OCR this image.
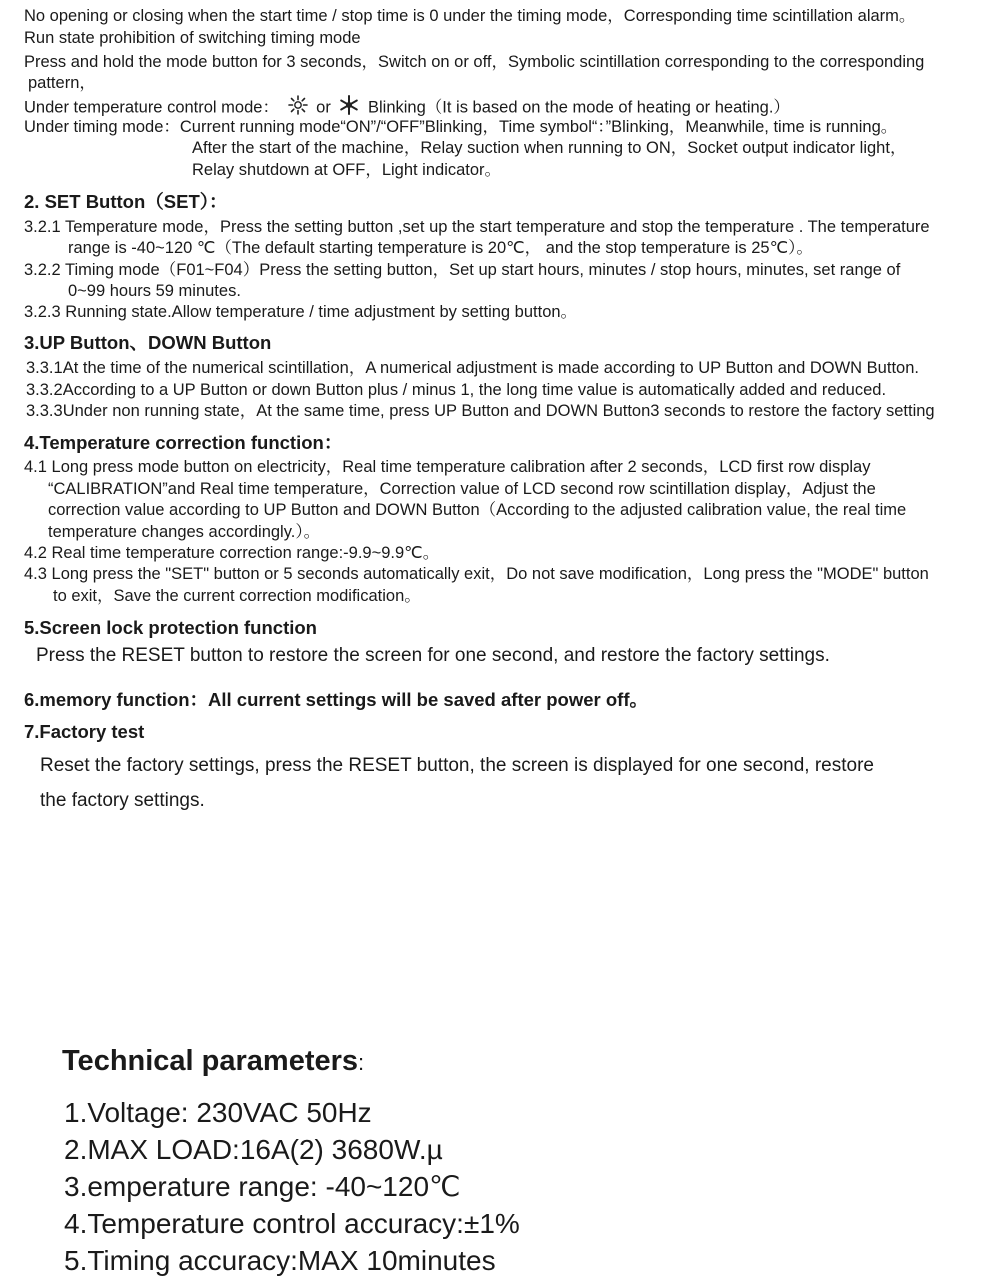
No opening or closing when the start time / stop time is 0 under the timing mode，Corresponding time scintillation alarm。
Run state prohibition of switching timing mode
Press and hold the mode button for 3 seconds，Switch on or off，Symbolic scintillation corresponding to the corresponding
pattern，
Under temperature control mode： or Blinking（It is based on the mode of heating or heating.）
Under timing mode：Current running mode“ON”/“OFF”Blinking，Time symbol“：”Blinking，Meanwhile, time is running。
After the start of the machine，Relay suction when running to ON，Socket output indicator light，
Relay shutdown at OFF，Light indicator。
2. SET Button（SET）：
3.2.1 Temperature mode，Press the setting button ,set up the start temperature and stop the temperature . The temperature
range is -40~120 ℃（The default starting temperature is 20℃， and the stop temperature is 25℃）。
3.2.2 Timing mode（F01~F04）Press the setting button，Set up start hours, minutes / stop hours, minutes, set range of
0~99 hours 59 minutes.
3.2.3 Running state.Allow temperature / time adjustment by setting button。
3.UP Button、DOWN Button
3.3.1At the time of the numerical scintillation，A numerical adjustment is made according to UP Button and DOWN Button.
3.3.2According to a UP Button or down Button plus / minus 1, the long time value is automatically added and reduced.
3.3.3Under non running state，At the same time, press UP Button and DOWN Button3 seconds to restore the factory setting
4.Temperature correction function：
4.1 Long press mode button on electricity，Real time temperature calibration after 2 seconds，LCD first row display
“CALIBRATION”and Real time temperature，Correction value of LCD second row scintillation display，Adjust the
correction value according to UP Button and DOWN Button（According to the adjusted calibration value, the real time
temperature changes accordingly.）。
4.2 Real time temperature correction range:-9.9~9.9℃。
4.3 Long press the "SET" button or 5 seconds automatically exit，Do not save modification，Long press the "MODE" button
to exit，Save the current correction modification。
5.Screen lock protection function
Press the RESET button to restore the screen for one second, and restore the factory settings.
6.memory function：All current settings will be saved after power off。
7.Factory test
Reset the factory settings, press the RESET button, the screen is displayed for one second, restore
the factory settings.
Technical parameters:
1.Voltage: 230VAC 50Hz
2.MAX LOAD:16A(2) 3680W.µ
3.emperature range: -40~120℃
4.Temperature control accuracy:±1%
5.Timing accuracy:MAX 10minutes
